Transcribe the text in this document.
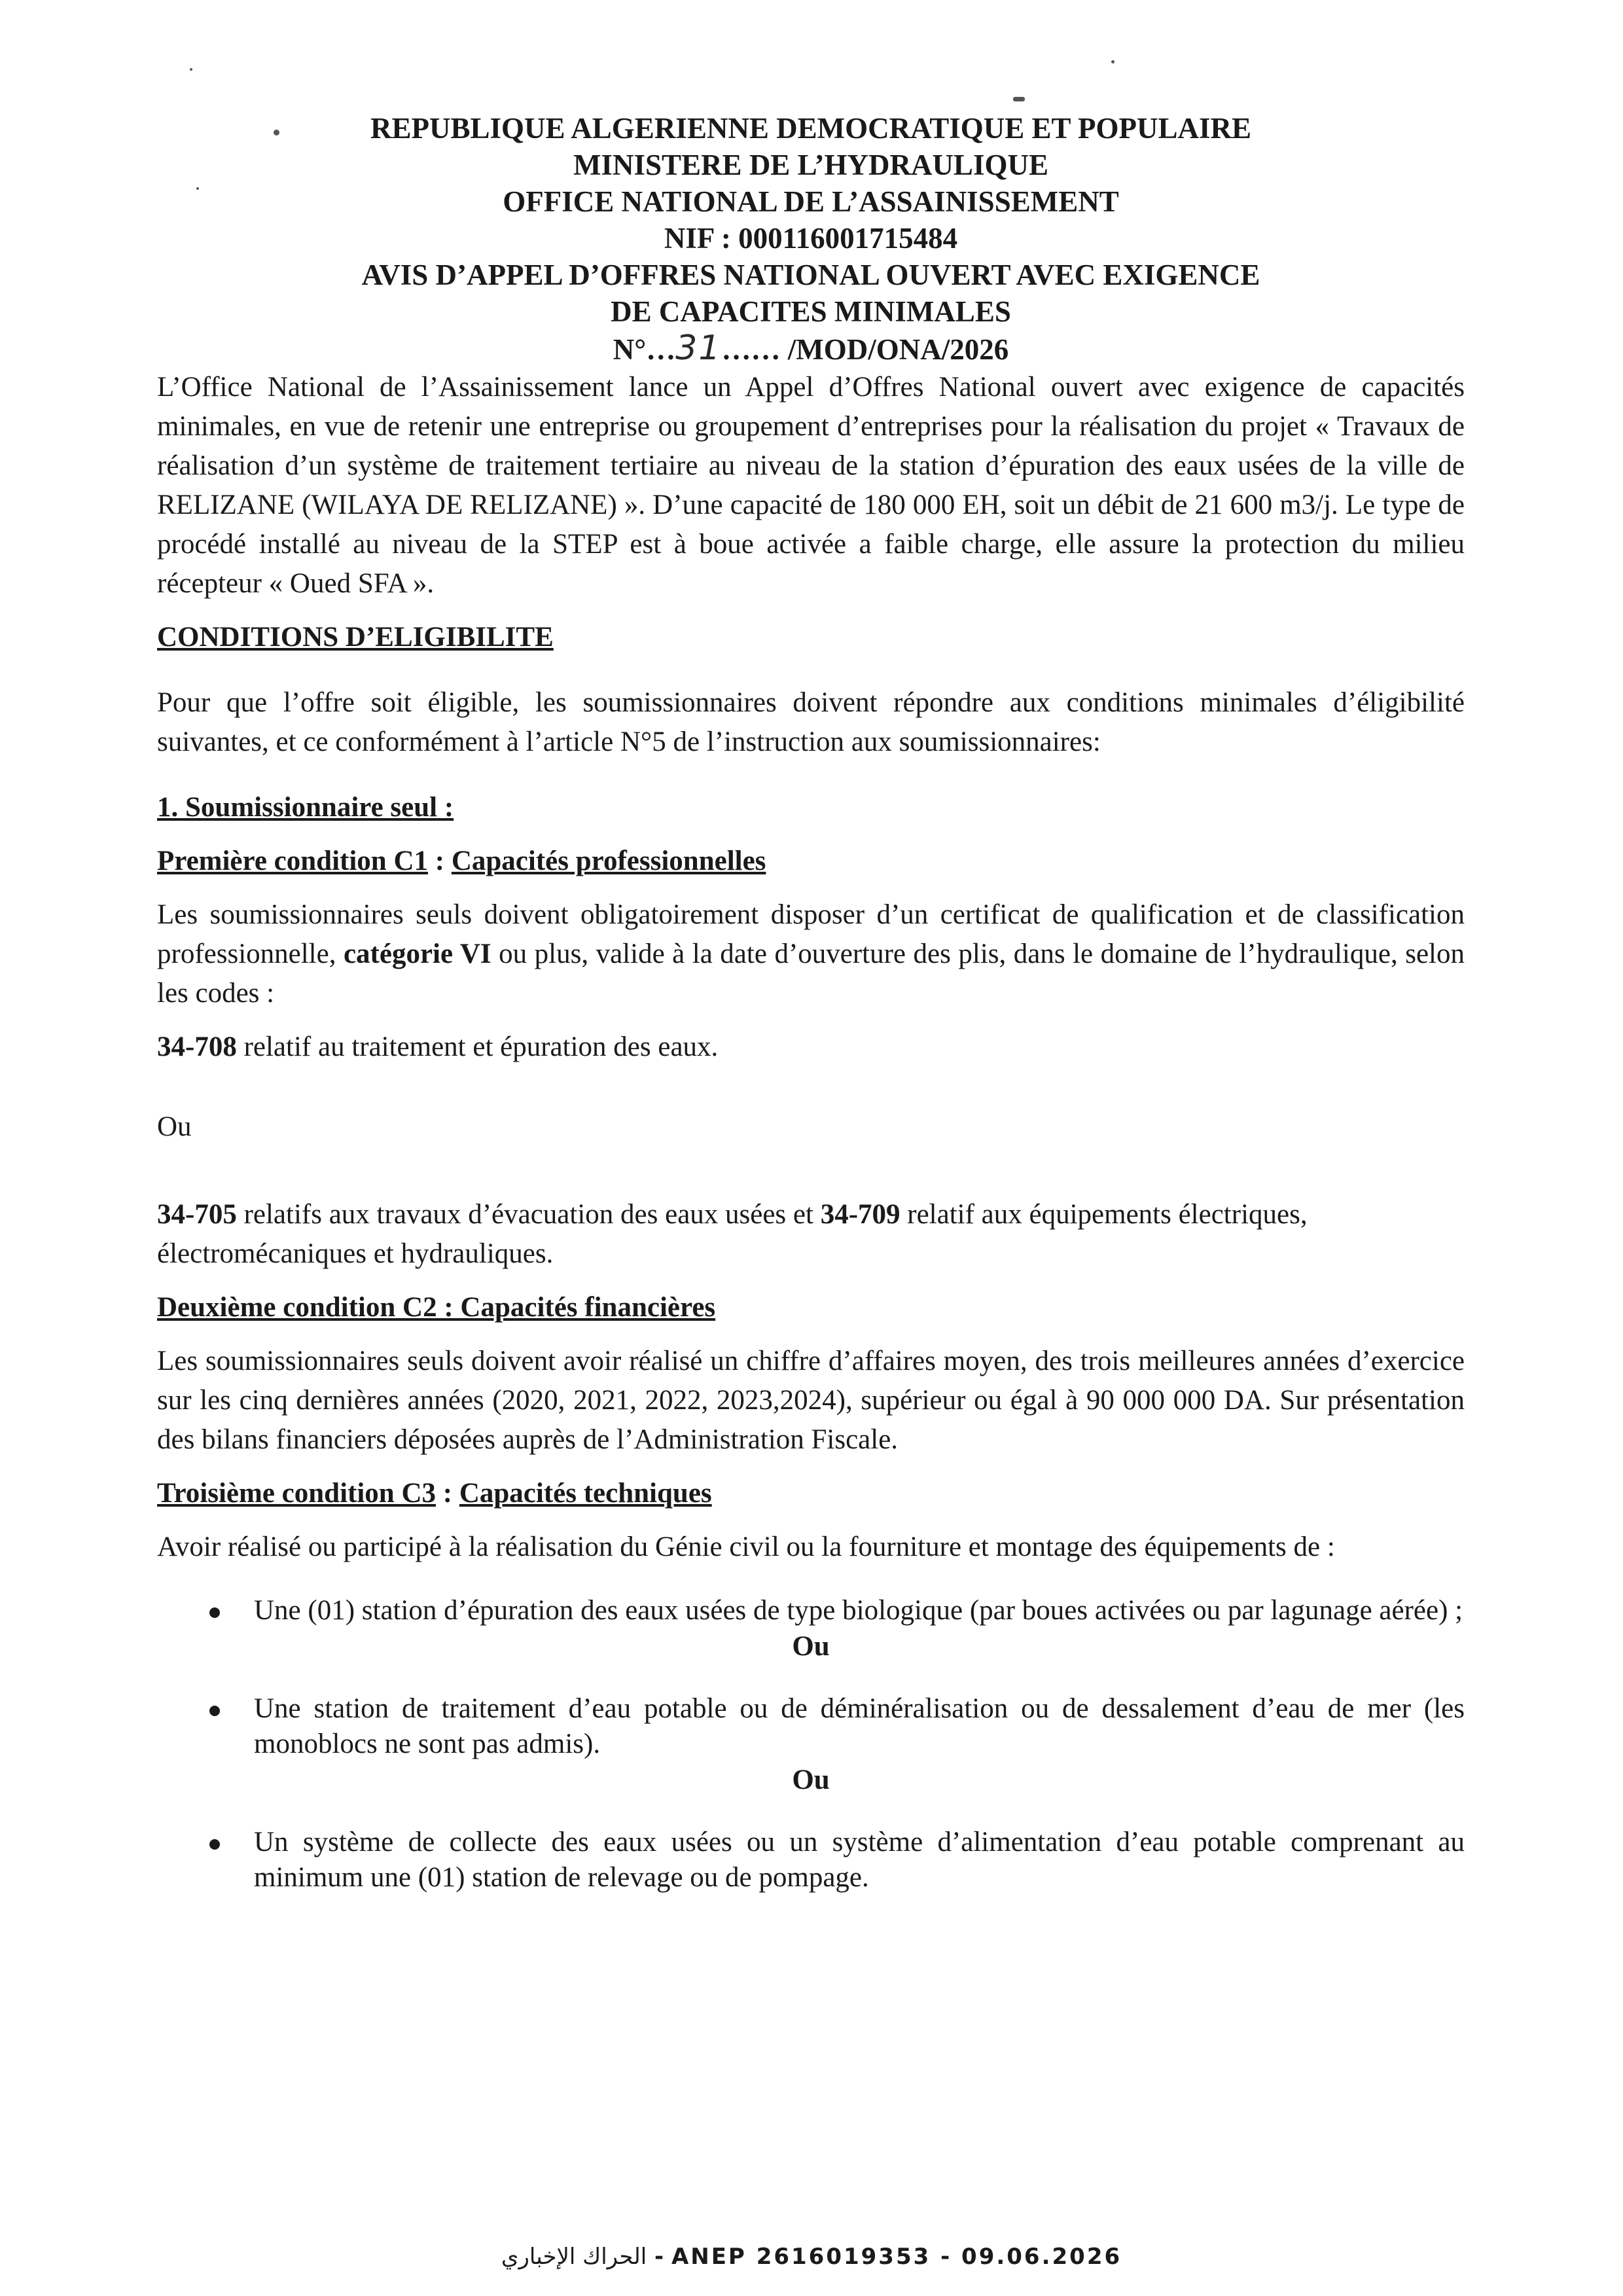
REPUBLIQUE ALGERIENNE DEMOCRATIQUE ET POPULAIRE
MINISTERE DE L’HYDRAULIQUE
OFFICE NATIONAL DE L’ASSAINISSEMENT
NIF : 000116001715484
AVIS D’APPEL D’OFFRES NATIONAL OUVERT AVEC EXIGENCE
DE CAPACITES MINIMALES
N°…31…… /MOD/ONA/2026

L’Office National de l’Assainissement lance un Appel d’Offres National ouvert avec exigence de capacités minimales, en vue de retenir une entreprise ou groupement d’entreprises pour la réalisation du projet « Travaux de réalisation d’un système de traitement tertiaire au niveau de la station d’épuration des eaux usées de la ville de RELIZANE (WILAYA DE RELIZANE) ». D’une capacité de 180 000 EH, soit un débit de 21 600 m3/j. Le type de procédé installé au niveau de la STEP est à boue activée a faible charge, elle assure la protection du milieu récepteur « Oued SFA ».

CONDITIONS D’ELIGIBILITE

Pour que l’offre soit éligible, les soumissionnaires doivent répondre aux conditions minimales d’éligibilité suivantes, et ce conformément à l’article N°5 de l’instruction aux soumissionnaires:

1. Soumissionnaire seul :

Première condition C1 : Capacités professionnelles

Les soumissionnaires seuls doivent obligatoirement disposer d’un certificat de qualification et de classification professionnelle, catégorie VI ou plus, valide à la date d’ouverture des plis, dans le domaine de l’hydraulique, selon les codes :

34-708 relatif au traitement et épuration des eaux.

Ou

34-705 relatifs aux travaux d’évacuation des eaux usées et 34-709 relatif aux équipements électriques, électromécaniques et hydrauliques.

Deuxième condition C2 : Capacités financières

Les soumissionnaires seuls doivent avoir réalisé un chiffre d’affaires moyen, des trois meilleures années d’exercice sur les cinq dernières années (2020, 2021, 2022, 2023,2024), supérieur ou égal à 90 000 000 DA. Sur présentation des bilans financiers déposées auprès de l’Administration Fiscale.

Troisième condition C3 : Capacités techniques

Avoir réalisé ou participé à la réalisation du Génie civil ou la fourniture et montage des équipements de :

Une (01) station d’épuration des eaux usées de type biologique (par boues activées ou par lagunage aérée) ;

Ou

Une station de traitement d’eau potable ou de déminéralisation ou de dessalement d’eau de mer (les monoblocs ne sont pas admis).

Ou

Un système de collecte des eaux usées ou un système d’alimentation d’eau potable comprenant au minimum une (01) station de relevage ou de pompage.
الحراك الإخباري - ANEP 2616019353 - 09.06.2026
